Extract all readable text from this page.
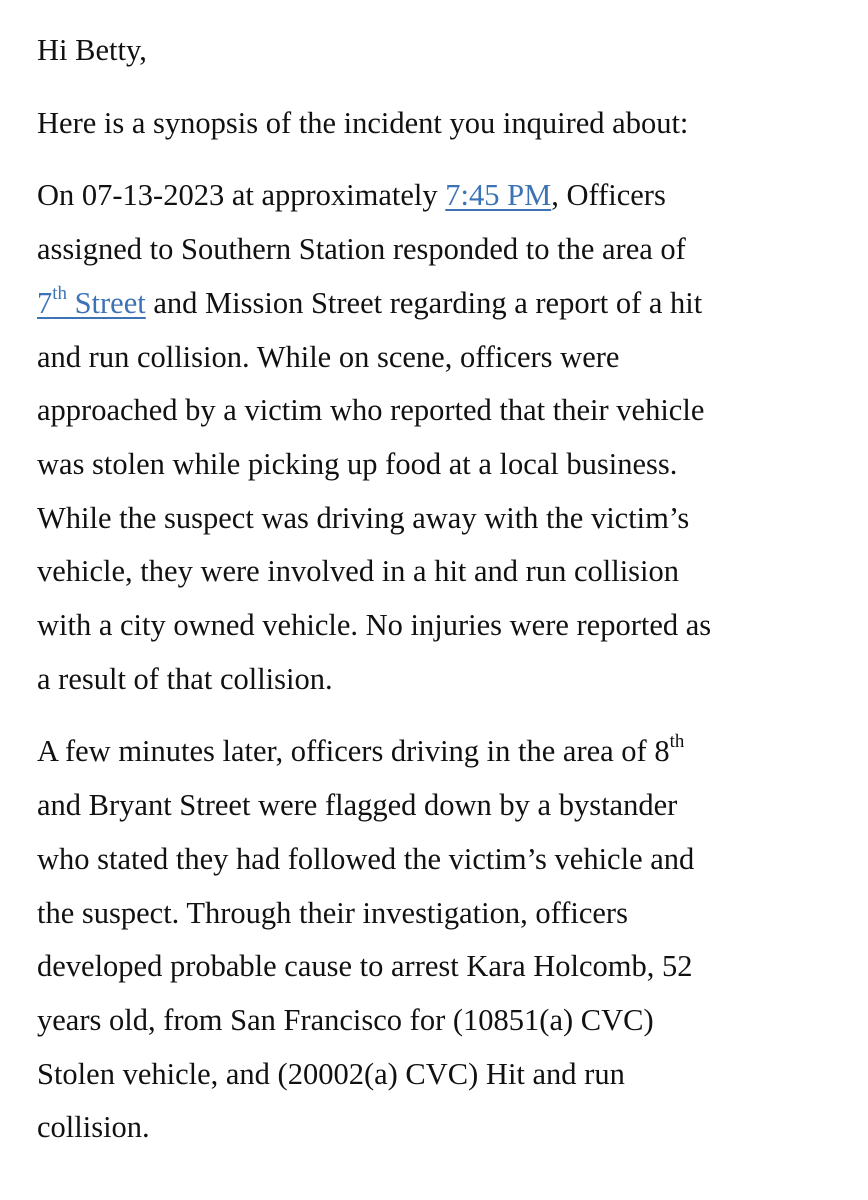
Hi Betty,

Here is a synopsis of the incident you inquired about:

On 07-13-2023 at approximately 7:45 PM, Officers
assigned to Southern Station responded to the area of
7th Street and Mission Street regarding a report of a hit
and run collision. While on scene, officers were
approached by a victim who reported that their vehicle
was stolen while picking up food at a local business.
While the suspect was driving away with the victim’s
vehicle, they were involved in a hit and run collision
with a city owned vehicle. No injuries were reported as
a result of that collision.

A few minutes later, officers driving in the area of 8th
and Bryant Street were flagged down by a bystander
who stated they had followed the victim’s vehicle and
the suspect. Through their investigation, officers
developed probable cause to arrest Kara Holcomb, 52
years old, from San Francisco for (10851(a) CVC)
Stolen vehicle, and (20002(a) CVC) Hit and run
collision.
